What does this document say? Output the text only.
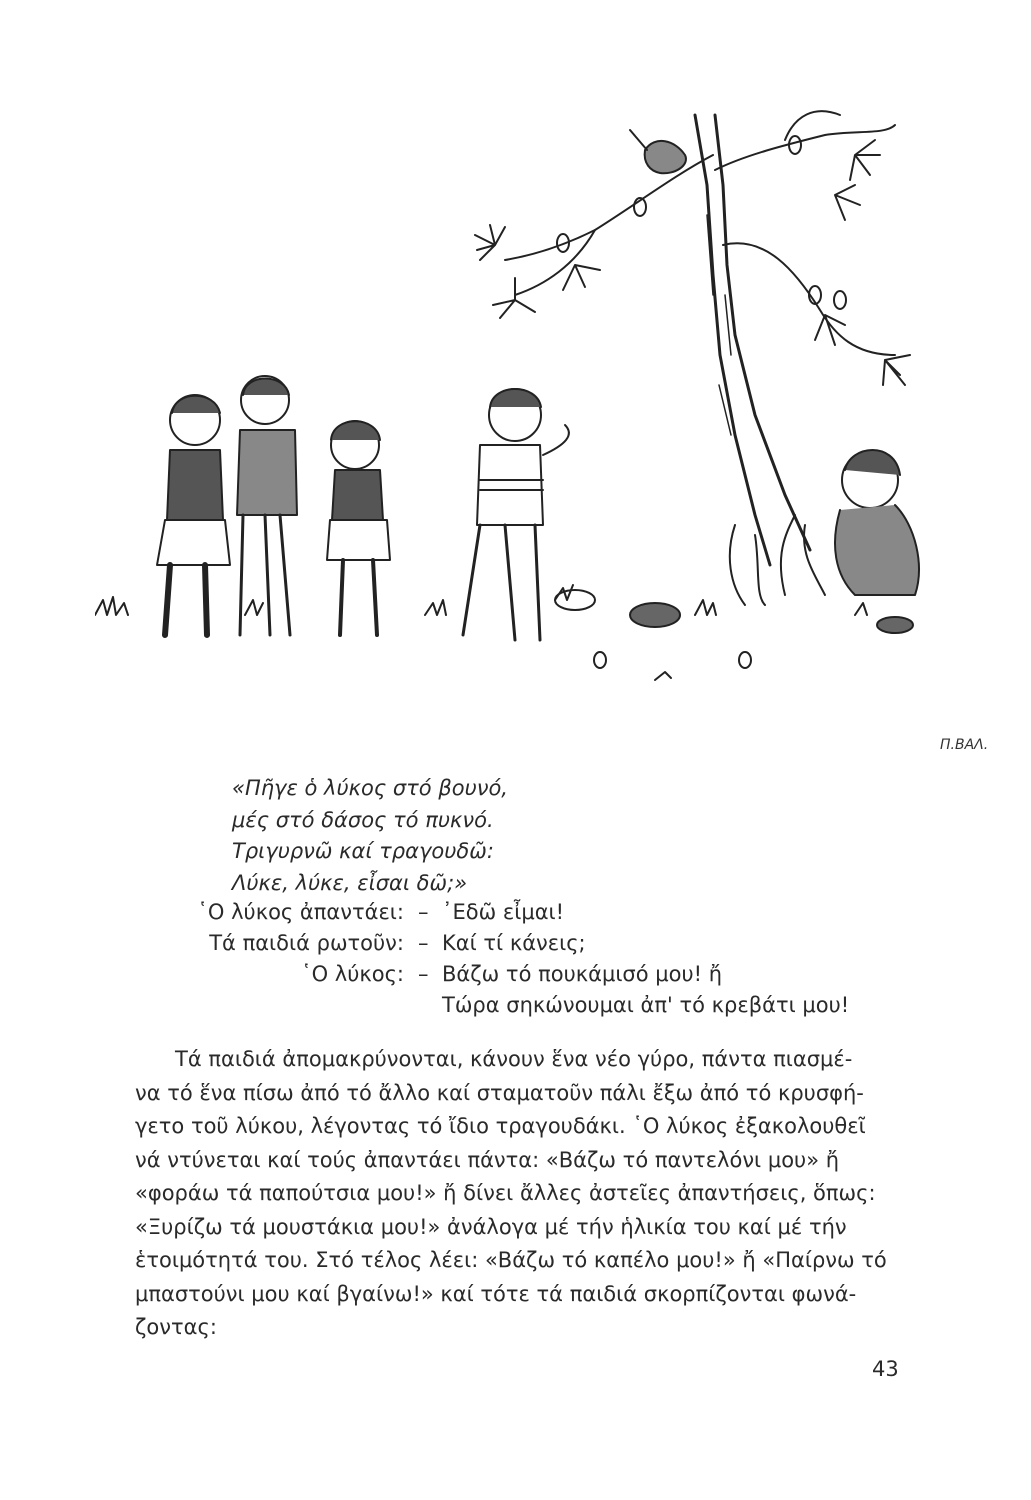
Π.ΒΑΛ.

«Πῆγε ὁ λύκος στό βουνό,

μές στό δάσος τό πυκνό.

Τριγυρνῶ καί τραγουδῶ:

Λύκε, λύκε, εἶσαι δῶ;»

῾Ο λύκος ἀπαντάει: – ᾿Εδῶ εἶμαι!
Τά παιδιά ρωτοῦν: – Καί τί κάνεις;
῾Ο λύκος: – Βάζω τό πουκάμισό μου! ἤ
Τώρα σηκώνουμαι ἀπ' τό κρεβάτι μου!

Τά παιδιά ἀπομακρύνονται, κάνουν ἕνα νέο γύρο, πάντα πιασμέ-

να τό ἕνα πίσω ἀπό τό ἄλλο καί σταματοῦν πάλι ἔξω ἀπό τό κρυσφή-

γετο τοῦ λύκου, λέγοντας τό ἴδιο τραγουδάκι. ῾Ο λύκος ἐξακολουθεῖ

νά ντύνεται καί τούς ἀπαντάει πάντα: «Βάζω τό παντελόνι μου» ἤ

«φοράω τά παπούτσια μου!» ἤ δίνει ἄλλες ἀστεῖες ἀπαντήσεις, ὅπως:

«Ξυρίζω τά μουστάκια μου!» ἀνάλογα μέ τήν ἡλικία του καί μέ τήν

ἑτοιμότητά του. Στό τέλος λέει: «Βάζω τό καπέλο μου!» ἤ «Παίρνω τό

μπαστούνι μου καί βγαίνω!» καί τότε τά παιδιά σκορπίζονται φωνά-

ζοντας:

43
